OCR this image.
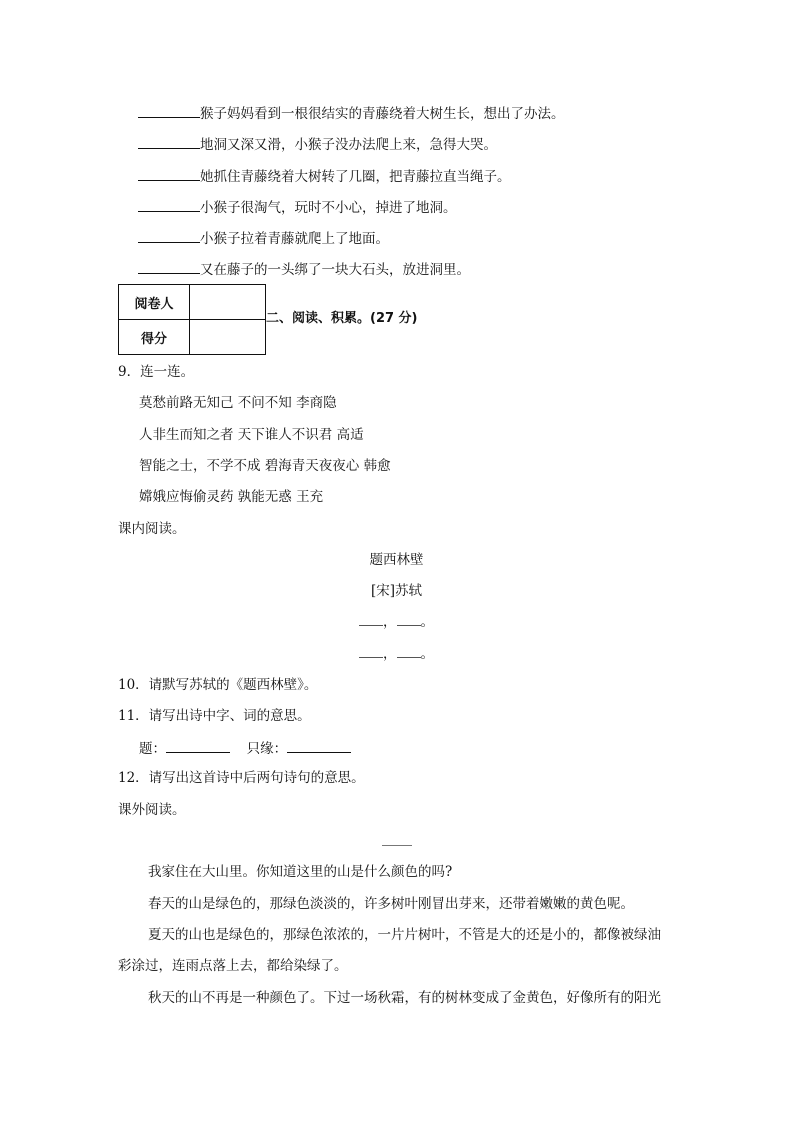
猴子妈妈看到一根很结实的青藤绕着大树生长，想出了办法。
地洞又深又滑，小猴子没办法爬上来，急得大哭。
她抓住青藤绕着大树转了几圈，把青藤拉直当绳子。
小猴子很淘气，玩时不小心，掉进了地洞。
小猴子拉着青藤就爬上了地面。
又在藤子的一头绑了一块大石头，放进洞里。
阅卷人	
得分	
二、阅读、积累。(27 分)
9．连一连。
莫愁前路无知己 不问不知 李商隐
人非生而知之者 天下谁人不识君 高适
智能之士，不学不成 碧海青天夜夜心 韩愈
嫦娥应悔偷灵药 孰能无惑 王充
课内阅读。
题西林壁
[宋]苏轼
， 。
， 。
10．请默写苏轼的《题西林壁》。
11．请写出诗中字、词的意思。
题：	只缘：
12．请写出这首诗中后两句诗句的意思。
课外阅读。
我家住在大山里。你知道这里的山是什么颜色的吗?
春天的山是绿色的，那绿色淡淡的，许多树叶刚冒出芽来，还带着嫩嫩的黄色呢。
夏天的山也是绿色的，那绿色浓浓的，一片片树叶，不管是大的还是小的，都像被绿油
彩涂过，连雨点落上去，都给染绿了。
秋天的山不再是一种颜色了。下过一场秋霜，有的树林变成了金黄色，好像所有的阳光
